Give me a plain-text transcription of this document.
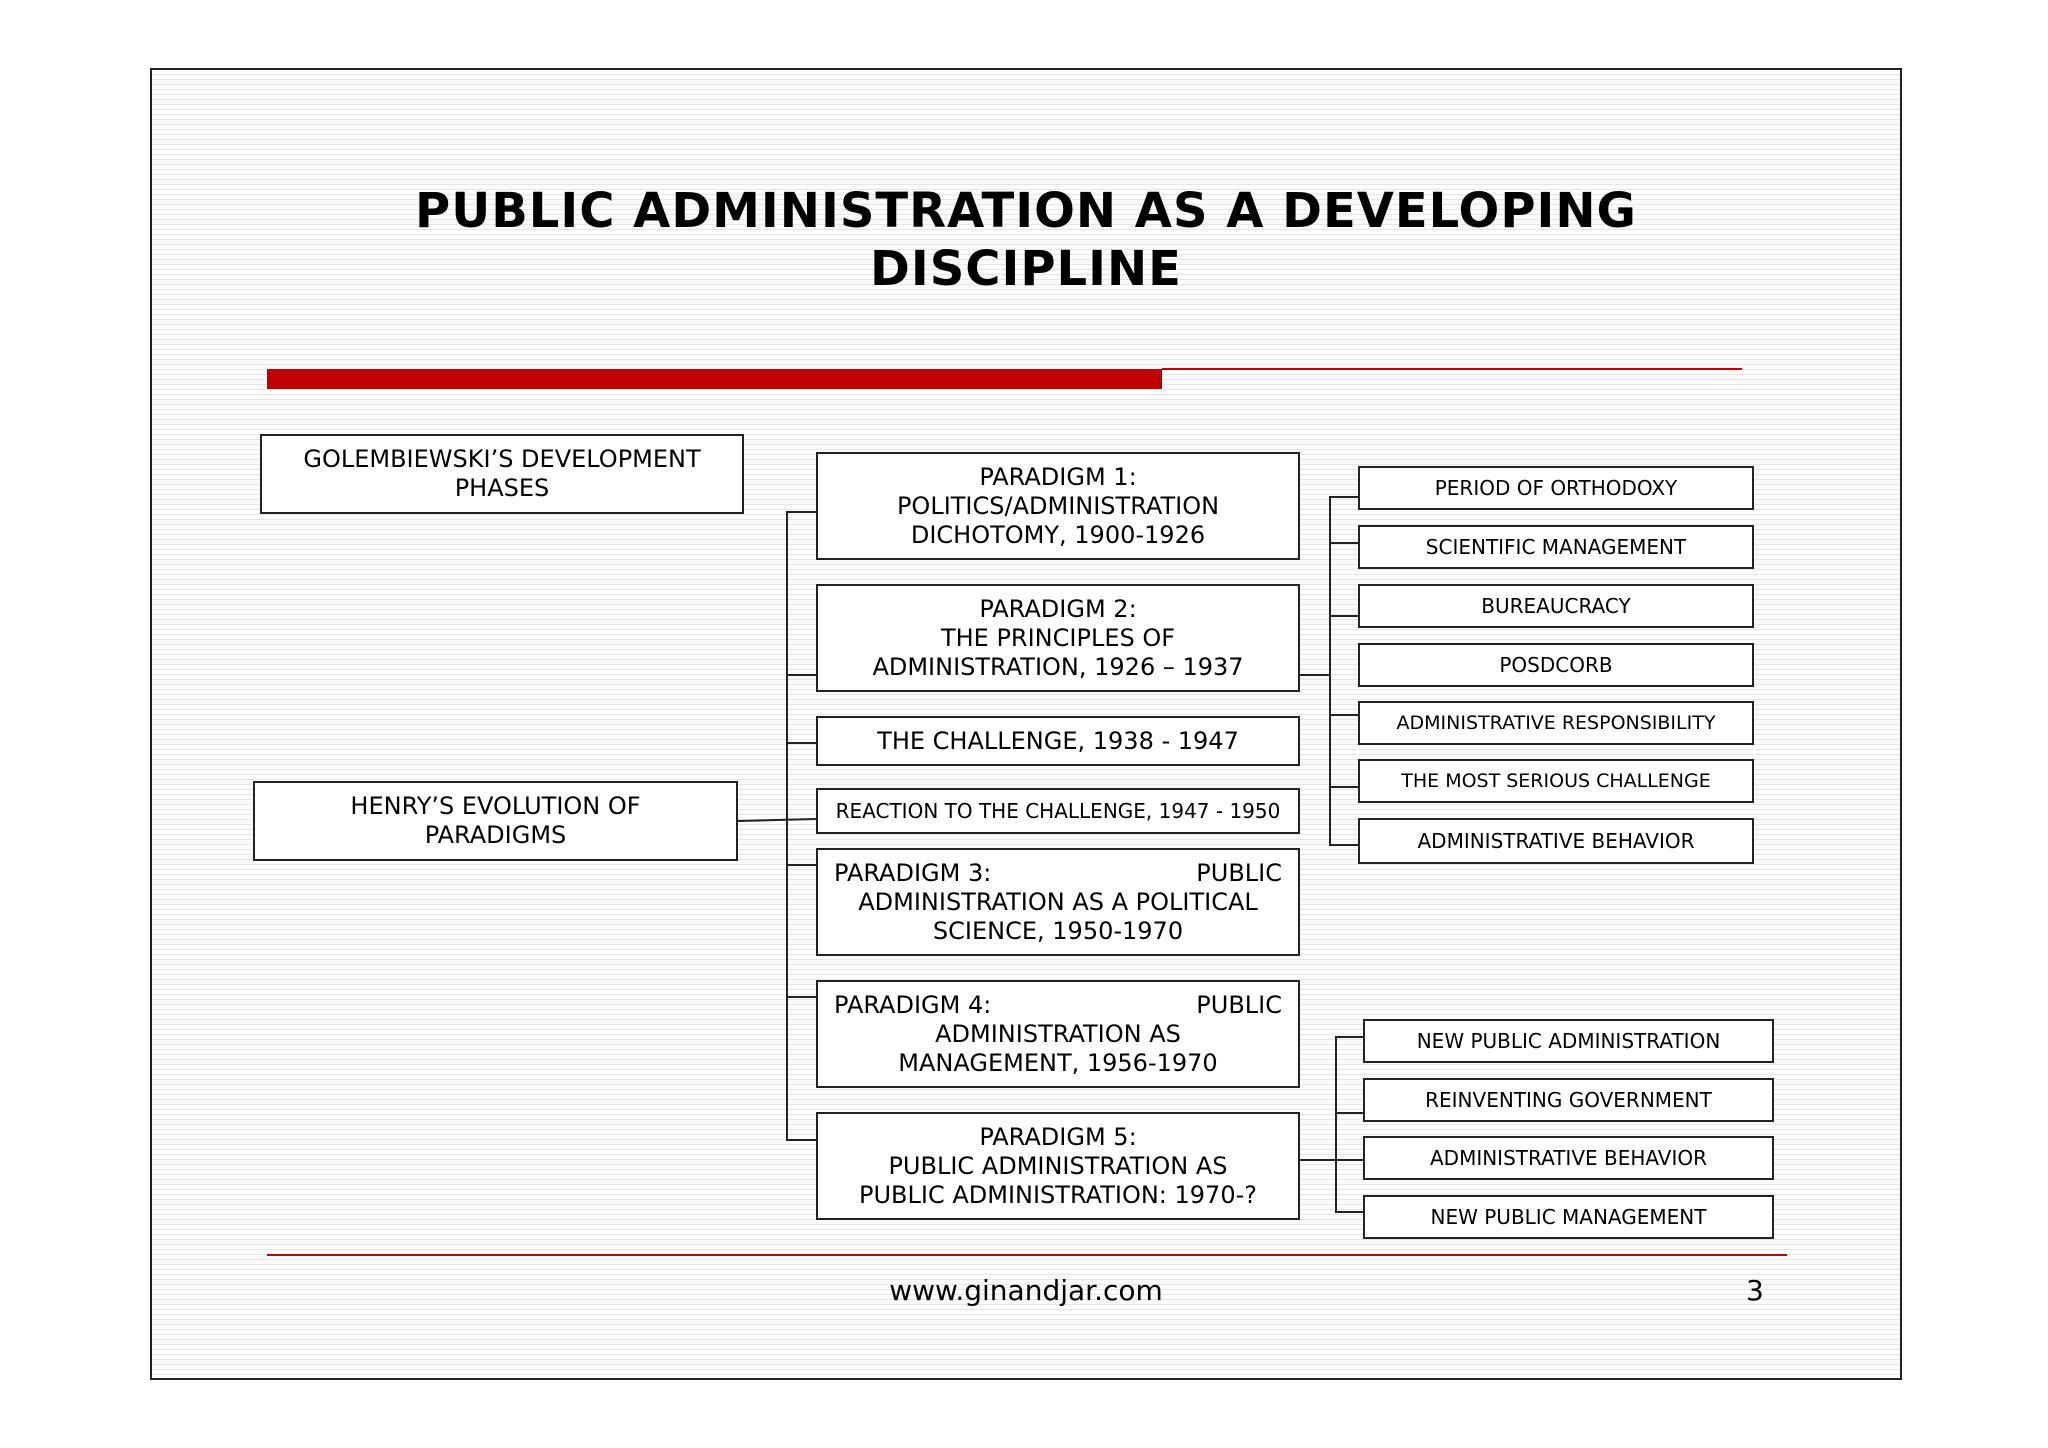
PUBLIC ADMINISTRATION AS A DEVELOPING
DISCIPLINE
GOLEMBIEWSKI’S DEVELOPMENT
PHASES
HENRY’S EVOLUTION OF
PARADIGMS
PARADIGM 1:
POLITICS/ADMINISTRATION
DICHOTOMY, 1900-1926
PARADIGM 2:
THE PRINCIPLES OF
ADMINISTRATION, 1926 – 1937
THE CHALLENGE, 1938 - 1947
REACTION TO THE CHALLENGE, 1947 - 1950
PARADIGM 3:	PUBLIC
ADMINISTRATION AS A POLITICAL
SCIENCE, 1950-1970
PARADIGM 4:	PUBLIC
ADMINISTRATION AS
MANAGEMENT, 1956-1970
PARADIGM 5:
PUBLIC ADMINISTRATION AS
PUBLIC ADMINISTRATION: 1970-?
PERIOD OF ORTHODOXY
SCIENTIFIC MANAGEMENT
BUREAUCRACY
POSDCORB
ADMINISTRATIVE RESPONSIBILITY
THE MOST SERIOUS CHALLENGE
ADMINISTRATIVE BEHAVIOR
NEW PUBLIC ADMINISTRATION
REINVENTING GOVERNMENT
ADMINISTRATIVE BEHAVIOR
NEW PUBLIC MANAGEMENT
www.ginandjar.com	3
